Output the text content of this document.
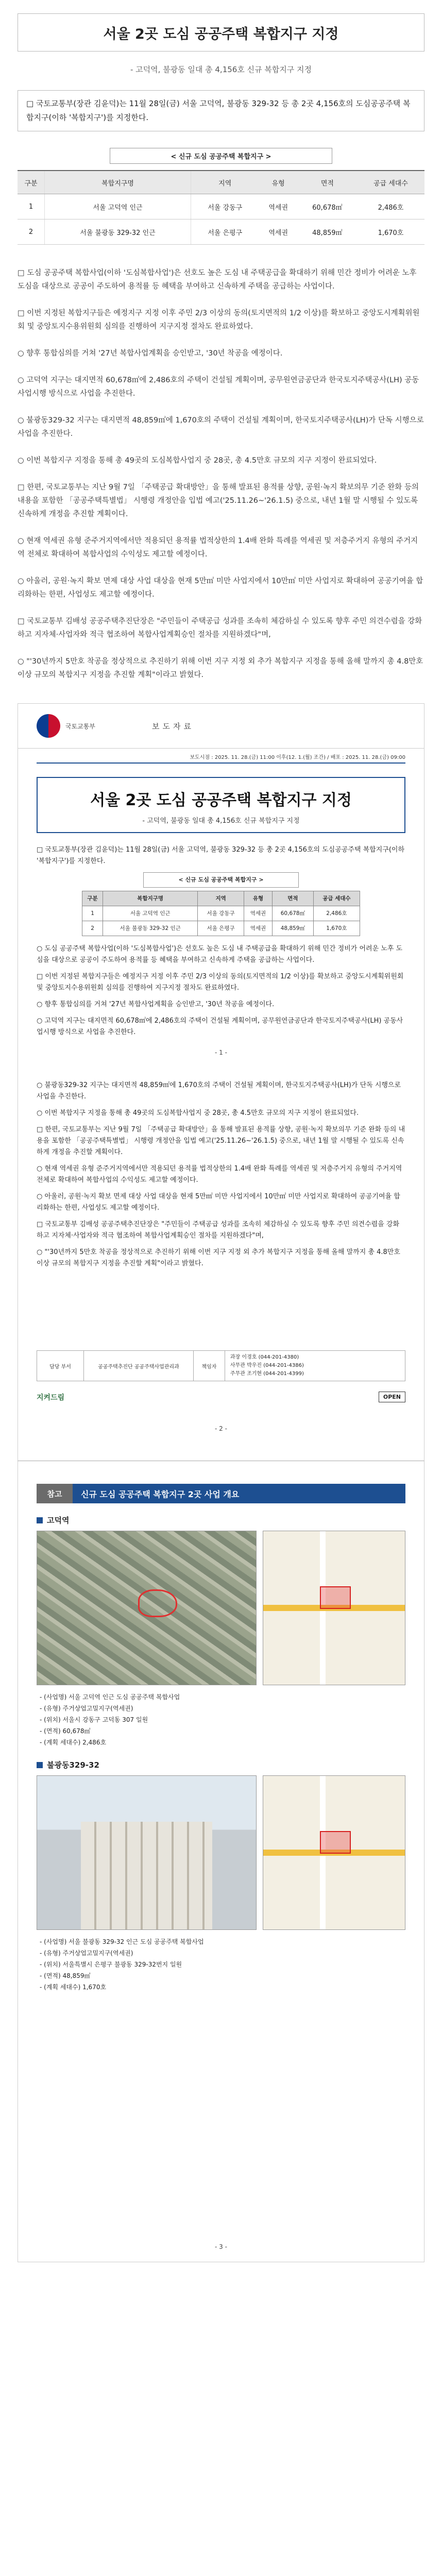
서울 2곳 도심 공공주택 복합지구 지정
- 고덕역, 불광동 일대 총 4,156호 신규 복합지구 지정
□ 국토교통부(장관 김윤덕)는 11월 28일(금) 서울 고덕역, 불광동 329-32 등 총 2곳 4,156호의 도심공공주택 복합지구(이하 '복합지구')를 지정한다.
< 신규 도심 공공주택 복합지구 >
구분	복합지구명	지역	유형	면적	공급 세대수
1	서울 고덕역 인근	서울 강동구	역세권	60,678㎡	2,486호
2	서울 불광동 329-32 인근	서울 은평구	역세권	48,859㎡	1,670호

□ 도심 공공주택 복합사업(이하 '도심복합사업')은 선호도 높은 도심 내 주택공급을 확대하기 위해 민간 정비가 어려운 노후 도심을 대상으로 공공이 주도하여 용적률 등 혜택을 부여하고 신속하게 주택을 공급하는 사업이다.

□ 이번 지정된 복합지구들은 예정지구 지정 이후 주민 2/3 이상의 동의(토지면적의 1/2 이상)를 확보하고 중앙도시계획위원회 및 중앙토지수용위원회 심의를 진행하여 지구지정 절차도 완료하였다.

○ 향후 통합심의를 거쳐 '27년 복합사업계획을 승인받고, '30년 착공을 예정이다.

○ 고덕역 지구는 대지면적 60,678㎡에 2,486호의 주택이 건설될 계획이며, 공무원연금공단과 한국토지주택공사(LH) 공동사업시행 방식으로 사업을 추진한다.

○ 불광동329-32 지구는 대지면적 48,859㎡에 1,670호의 주택이 건설될 계획이며, 한국토지주택공사(LH)가 단독 시행으로 사업을 추진한다.

○ 이번 복합지구 지정을 통해 총 49곳의 도심복합사업지 중 28곳, 총 4.5만호 규모의 지구 지정이 완료되었다.

□ 한편, 국토교통부는 지난 9월 7일 「주택공급 확대방안」을 통해 발표된 용적률 상향, 공원·녹지 확보의무 기준 완화 등의 내용을 포함한 「공공주택특별법」 시행령 개정안을 입법 예고('25.11.26~'26.1.5) 중으로, 내년 1월 말 시행될 수 있도록 신속하게 개정을 추진할 계획이다.

○ 현재 역세권 유형 준주거지역에서만 적용되던 용적률 법적상한의 1.4배 완화 특례를 역세권 및 저층주거지 유형의 주거지역 전체로 확대하여 복합사업의 수익성도 제고할 예정이다.

○ 아울러, 공원·녹지 확보 면제 대상 사업 대상을 현재 5만㎡ 미만 사업지에서 10만㎡ 미만 사업지로 확대하여 공공기여율 합리화하는 한편, 사업성도 제고할 예정이다.

□ 국토교통부 김배성 공공주택추진단장은 "주민들이 주택공급 성과를 조속히 체감하실 수 있도록 향후 주민 의견수렴을 강화하고 지자체·사업자와 적극 협조하여 복합사업계획승인 절차를 지원하겠다"며,

○ "'30년까지 5만호 착공을 정상적으로 추진하기 위해 이번 지구 지정 외 추가 복합지구 지정을 통해 올해 말까지 총 4.8만호 이상 규모의 복합지구 지정을 추진할 계획"이라고 밝혔다.

국토교통부	보도자료
보도시점 : 2025. 11. 28.(금) 11:00 이후(12. 1.(월) 조간) / 배포 : 2025. 11. 28.(금) 09:00
서울 2곳 도심 공공주택 복합지구 지정
- 고덕역, 불광동 일대 총 4,156호 신규 복합지구 지정

□ 국토교통부(장관 김윤덕)는 11월 28일(금) 서울 고덕역, 불광동 329-32 등 총 2곳 4,156호의 도심공공주택 복합지구(이하 '복합지구')를 지정한다.

< 신규 도심 공공주택 복합지구 >
구분	복합지구명	지역	유형	면적	공급 세대수
1	서울 고덕역 인근	서울 강동구	역세권	60,678㎡	2,486호
2	서울 불광동 329-32 인근	서울 은평구	역세권	48,859㎡	1,670호

○ 도심 공공주택 복합사업(이하 '도심복합사업')은 선호도 높은 도심 내 주택공급을 확대하기 위해 민간 정비가 어려운 노후 도심을 대상으로 공공이 주도하여 용적률 등 혜택을 부여하고 신속하게 주택을 공급하는 사업이다.

□ 이번 지정된 복합지구들은 예정지구 지정 이후 주민 2/3 이상의 동의(토지면적의 1/2 이상)를 확보하고 중앙도시계획위원회 및 중앙토지수용위원회 심의를 진행하여 지구지정 절차도 완료하였다.

○ 향후 통합심의를 거쳐 '27년 복합사업계획을 승인받고, '30년 착공을 예정이다.

○ 고덕역 지구는 대지면적 60,678㎡에 2,486호의 주택이 건설될 계획이며, 공무원연금공단과 한국토지주택공사(LH) 공동사업시행 방식으로 사업을 추진한다.

- 1 -

○ 불광동329-32 지구는 대지면적 48,859㎡에 1,670호의 주택이 건설될 계획이며, 한국토지주택공사(LH)가 단독 시행으로 사업을 추진한다.

○ 이번 복합지구 지정을 통해 총 49곳의 도심복합사업지 중 28곳, 총 4.5만호 규모의 지구 지정이 완료되었다.

□ 한편, 국토교통부는 지난 9월 7일 「주택공급 확대방안」을 통해 발표된 용적률 상향, 공원·녹지 확보의무 기준 완화 등의 내용을 포함한 「공공주택특별법」 시행령 개정안을 입법 예고('25.11.26~'26.1.5) 중으로, 내년 1월 말 시행될 수 있도록 신속하게 개정을 추진할 계획이다.

○ 현재 역세권 유형 준주거지역에서만 적용되던 용적률 법적상한의 1.4배 완화 특례를 역세권 및 저층주거지 유형의 주거지역 전체로 확대하여 복합사업의 수익성도 제고할 예정이다.

○ 아울러, 공원·녹지 확보 면제 대상 사업 대상을 현재 5만㎡ 미만 사업지에서 10만㎡ 미만 사업지로 확대하여 공공기여율 합리화하는 한편, 사업성도 제고할 예정이다.

□ 국토교통부 김배성 공공주택추진단장은 "주민들이 주택공급 성과를 조속히 체감하실 수 있도록 향후 주민 의견수렴을 강화하고 지자체·사업자와 적극 협조하여 복합사업계획승인 절차를 지원하겠다"며,

○ "'30년까지 5만호 착공을 정상적으로 추진하기 위해 이번 지구 지정 외 추가 복합지구 지정을 통해 올해 말까지 총 4.8만호 이상 규모의 복합지구 지정을 추진할 계획"이라고 밝혔다.

담당 부서	공공주택추진단 공공주택사업관리과	책임자
과장 이경호 (044-201-4380)
사무관 박우진 (044-201-4386)
주무관 조기현 (044-201-4399)
지켜드림	OPEN
- 2 -
참고	신규 도심 공공주택 복합지구 2곳 사업 개요
고덕역
- (사업명) 서울 고덕역 인근 도심 공공주택 복합사업
- (유형) 주거상업고밀지구(역세권)
- (위치) 서울시 강동구 고덕동 307 일원
- (면적) 60,678㎡
- (계획 세대수) 2,486호
불광동329-32
- (사업명) 서울 불광동 329-32 인근 도심 공공주택 복합사업
- (유형) 주거상업고밀지구(역세권)
- (위치) 서울특별시 은평구 불광동 329-32번지 일원
- (면적) 48,859㎡
- (계획 세대수) 1,670호
- 3 -
